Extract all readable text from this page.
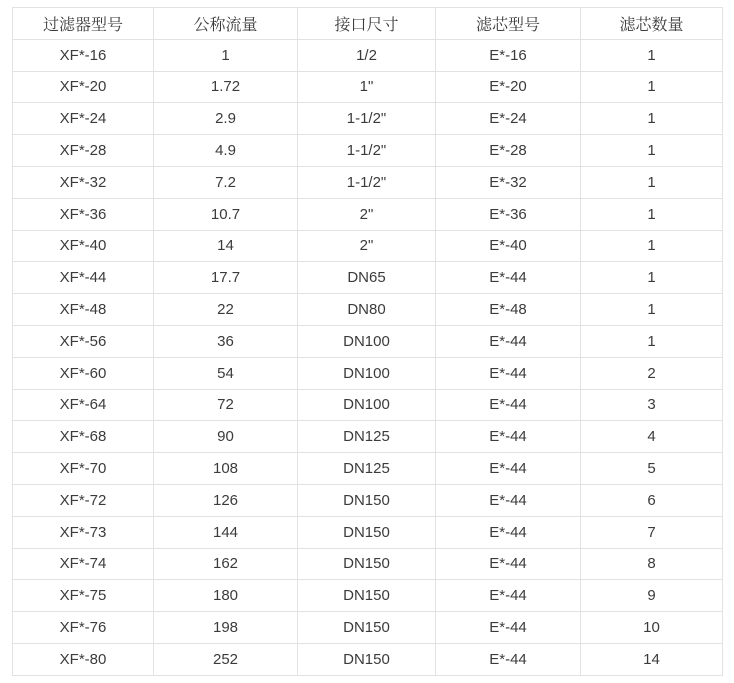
过滤器型号	公称流量	接口尺寸	滤芯型号	滤芯数量
XF*-16	1	1/2	E*-16	1
XF*-20	1.72	1"	E*-20	1
XF*-24	2.9	1-1/2"	E*-24	1
XF*-28	4.9	1-1/2"	E*-28	1
XF*-32	7.2	1-1/2"	E*-32	1
XF*-36	10.7	2"	E*-36	1
XF*-40	14	2"	E*-40	1
XF*-44	17.7	DN65	E*-44	1
XF*-48	22	DN80	E*-48	1
XF*-56	36	DN100	E*-44	1
XF*-60	54	DN100	E*-44	2
XF*-64	72	DN100	E*-44	3
XF*-68	90	DN125	E*-44	4
XF*-70	108	DN125	E*-44	5
XF*-72	126	DN150	E*-44	6
XF*-73	144	DN150	E*-44	7
XF*-74	162	DN150	E*-44	8
XF*-75	180	DN150	E*-44	9
XF*-76	198	DN150	E*-44	10
XF*-80	252	DN150	E*-44	14
